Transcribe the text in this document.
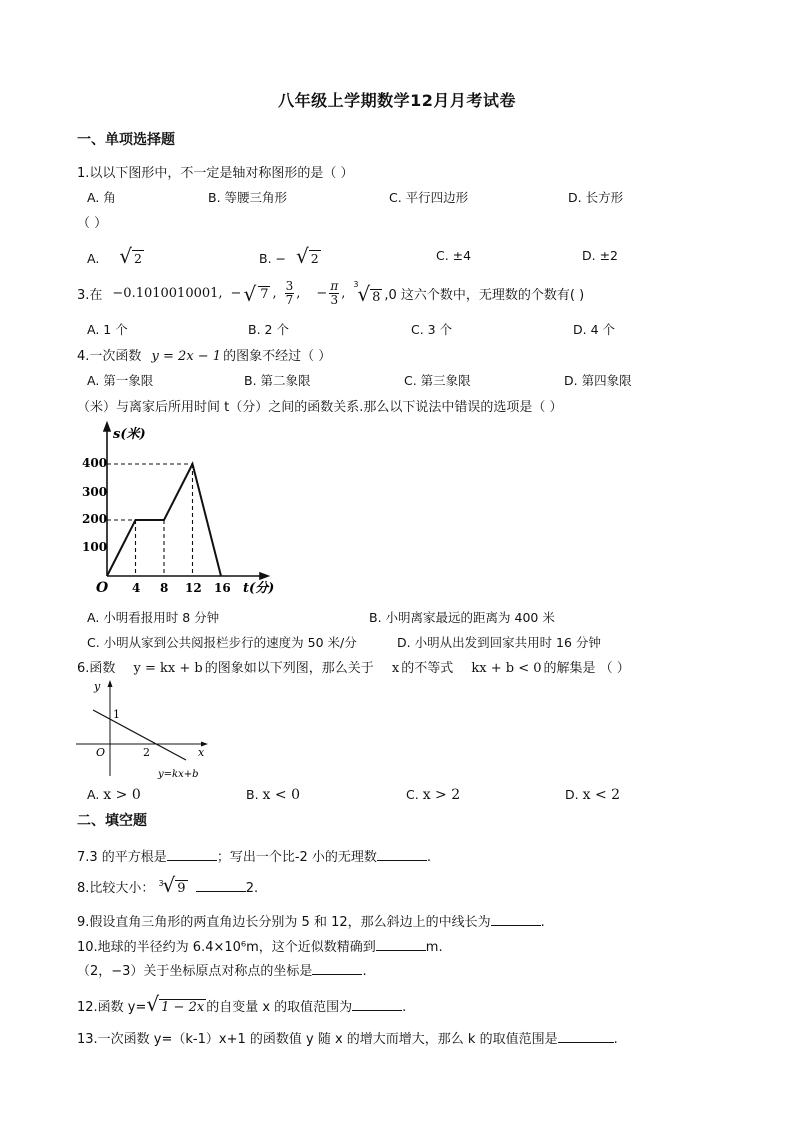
八年级上学期数学12月月考试卷
一、单项选择题
1.以以下图形中，不一定是轴对称图形的是（ ）
A. 角	B. 等腰三角形	C. 平行四边形	D. 长方形
（ ）
A. √ 2	B. − √ 2	C. ±4	D. ±2
3.在 −0.1010010001, − √ 7 , $\frac{3}{7}$ , − $\frac{\pi}{3}$ ,
3
√ 8 ,0 这六个数中，无理数的个数有( )
A. 1 个	B. 2 个	C. 3 个	D. 4 个
4.一次函数 y = 2x − 1 的图象不经过（ ）
A. 第一象限	B. 第二象限	C. 第三象限	D. 第四象限
（米）与离家后所用时间 t（分）之间的函数关系.那么以下说法中错误的选项是（ ）
s(米)
t(分)
O
400
300
200
100
4 8 12 16
A. 小明看报用时 8 分钟	B. 小明离家最远的距离为 400 米
C. 小明从家到公共阅报栏步行的速度为 50 米/分	D. 小明从出发到回家共用时 16 分钟
6.函数 y = kx + b 的图象如以下列图，那么关于 x 的不等式 kx + b < 0 的解集是 （ ）
y
x
O
1
2
y=kx+b
A. x > 0	B. x < 0	C. x > 2	D. x < 2
二、填空题
7.3 的平方根是	；写出一个比-2 小的无理数	.
8.比较大小： 3
√ 9	2.
9.假设直角三角形的两直角边长分别为 5 和 12，那么斜边上的中线长为	.
10.地球的半径约为 6.4×10⁶m，这个近似数精确到	m.
（2，−3）关于坐标原点对称点的坐标是	.
12.函数 y=√ 1 − 2x 的自变量 x 的取值范围为	.
13.一次函数 y=（k-1）x+1 的函数值 y 随 x 的增大而增大，那么 k 的取值范围是	.
